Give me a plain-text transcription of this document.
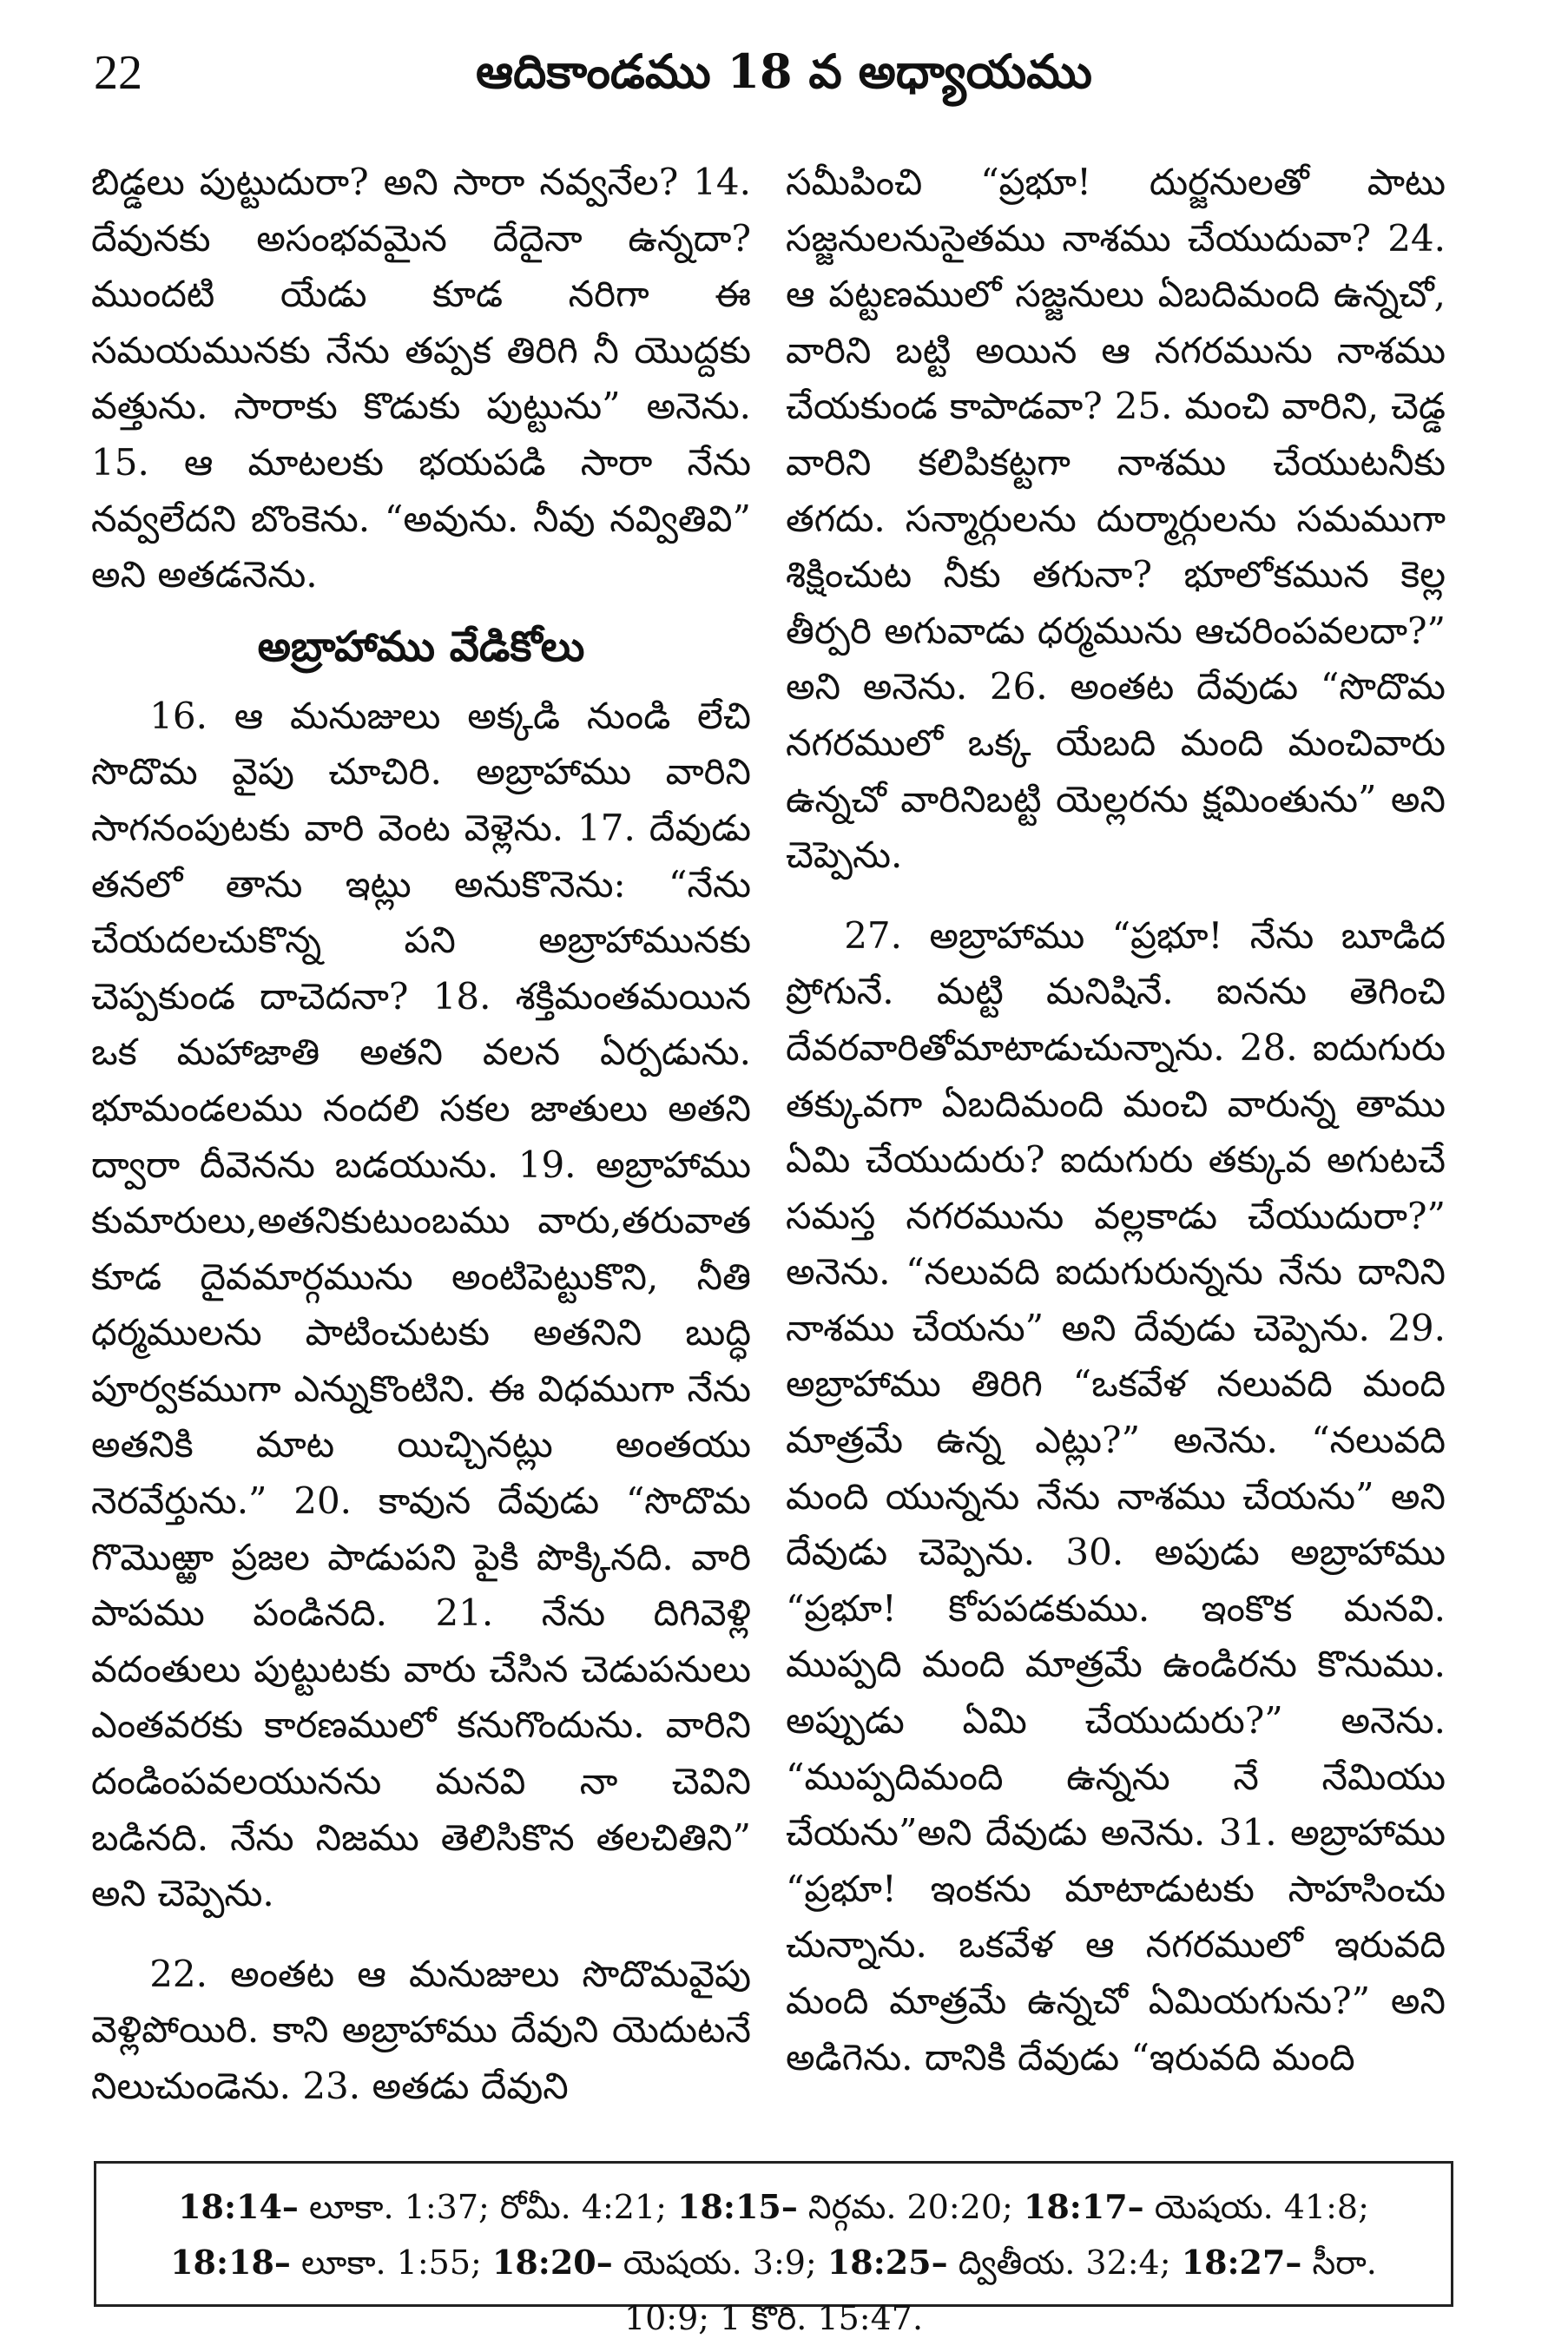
22	ఆదికాండము 18 వ అధ్యాయము

బిడ్డలు పుట్టుదురా? అని సారా నవ్వనేల? 14. దేవునకు అసంభవమైన దేదైనా ఉన్నదా? ముందటి యేడు కూడ నరిగా ఈ సమయమునకు నేను తప్పక తిరిగి నీ యొద్దకు వత్తును. సారాకు కొడుకు పుట్టును” అనెను. 15. ఆ మాటలకు భయపడి సారా నేను నవ్వలేదని బొంకెను. “అవును. నీవు నవ్వితివి” అని అతడనెను.

అబ్రాహాము వేడికోలు

16. ఆ మనుజులు అక్కడి నుండి లేచి సొదొమ వైపు చూచిరి. అబ్రాహాము వారిని సాగనంపుటకు వారి వెంట వెళ్లెను. 17. దేవుడు తనలో తాను ఇట్లు అనుకొనెను: “నేను చేయదలచుకొన్న పని అబ్రాహామునకు చెప్పకుండ దాచెదనా? 18. శక్తిమంతమయిన ఒక మహాజాతి అతని వలన ఏర్పడును. భూమండలము నందలి సకల జాతులు అతని ద్వారా దీవెనను బడయును. 19. అబ్రాహాము కుమారులు,అతనికుటుంబము వారు,తరువాత కూడ దైవమార్గమును అంటిపెట్టుకొని, నీతి ధర్మములను పాటించుటకు అతనిని బుద్ధి పూర్వకముగా ఎన్నుకొంటిని. ఈ విధముగా నేను అతనికి మాట యిచ్చినట్లు అంతయు నెరవేర్తును.” 20. కావున దేవుడు “సొదొమ గొమొఱ్ఱా ప్రజల పాడుపని పైకి పొక్కినది. వారి పాపము పండినది. 21. నేను దిగివెళ్లి వదంతులు పుట్టుటకు వారు చేసిన చెడుపనులు ఎంతవరకు కారణములో కనుగొందును. వారిని దండింపవలయునను మనవి నా చెవిని బడినది. నేను నిజము తెలిసికొన తలచితిని” అని చెప్పెను.

22. అంతట ఆ మనుజులు సొదొమవైపు వెళ్లిపోయిరి. కాని అబ్రాహాము దేవుని యెదుటనే నిలుచుండెను. 23. అతడు దేవుని

సమీపించి “ప్రభూ! దుర్జనులతో పాటు సజ్జనులనుసైతము నాశము చేయుదువా? 24. ఆ పట్టణములో సజ్జనులు ఏబదిమంది ఉన్నచో, వారిని బట్టి అయిన ఆ నగరమును నాశము చేయకుండ కాపాడవా? 25. మంచి వారిని, చెడ్డ వారిని కలిపికట్టగా నాశము చేయుటనీకు తగదు. సన్మార్గులను దుర్మార్గులను సమముగా శిక్షించుట నీకు తగునా? భూలోకమున కెల్ల తీర్పరి అగువాడు ధర్మమును ఆచరింపవలదా?” అని అనెను. 26. అంతట దేవుడు “సొదొమ నగరములో ఒక్క యేబది మంది మంచివారు ఉన్నచో వారినిబట్టి యెల్లరను క్షమింతును” అని చెప్పెను.

27. అబ్రాహాము “ప్రభూ! నేను బూడిద ప్రోగునే. మట్టి మనిషినే. ఐనను తెగించి దేవరవారితోమాటాడుచున్నాను. 28. ఐదుగురు తక్కువగా ఏబదిమంది మంచి వారున్న తాము ఏమి చేయుదురు? ఐదుగురు తక్కువ అగుటచే సమస్త నగరమును వల్లకాడు చేయుదురా?” అనెను. “నలువది ఐదుగురున్నను నేను దానిని నాశము చేయను” అని దేవుడు చెప్పెను. 29. అబ్రాహాము తిరిగి “ఒకవేళ నలువది మంది మాత్రమే ఉన్న ఎట్లు?” అనెను. “నలువది మంది యున్నను నేను నాశము చేయను” అని దేవుడు చెప్పెను. 30. అపుడు అబ్రాహాము “ప్రభూ! కోపపడకుము. ఇంకొక మనవి. ముప్పది మంది మాత్రమే ఉండిరను కొనుము. అప్పుడు ఏమి చేయుదురు?” అనెను. “ముప్పదిమంది ఉన్నను నే నేమియు చేయను”అని దేవుడు అనెను. 31. అబ్రాహాము “ప్రభూ! ఇంకను మాటాడుటకు సాహసించు చున్నాను. ఒకవేళ ఆ నగరములో ఇరువది మంది మాత్రమే ఉన్నచో ఏమియగును?” అని అడిగెను. దానికి దేవుడు “ఇరువది మంది

18:14– లూకా. 1:37; రోమీ. 4:21; 18:15– నిర్గమ. 20:20; 18:17– యెషయ. 41:8; 18:18– లూకా. 1:55; 18:20– యెషయ. 3:9; 18:25– ద్వితీయ. 32:4; 18:27– సీరా. 10:9; 1 కొరి. 15:47.
